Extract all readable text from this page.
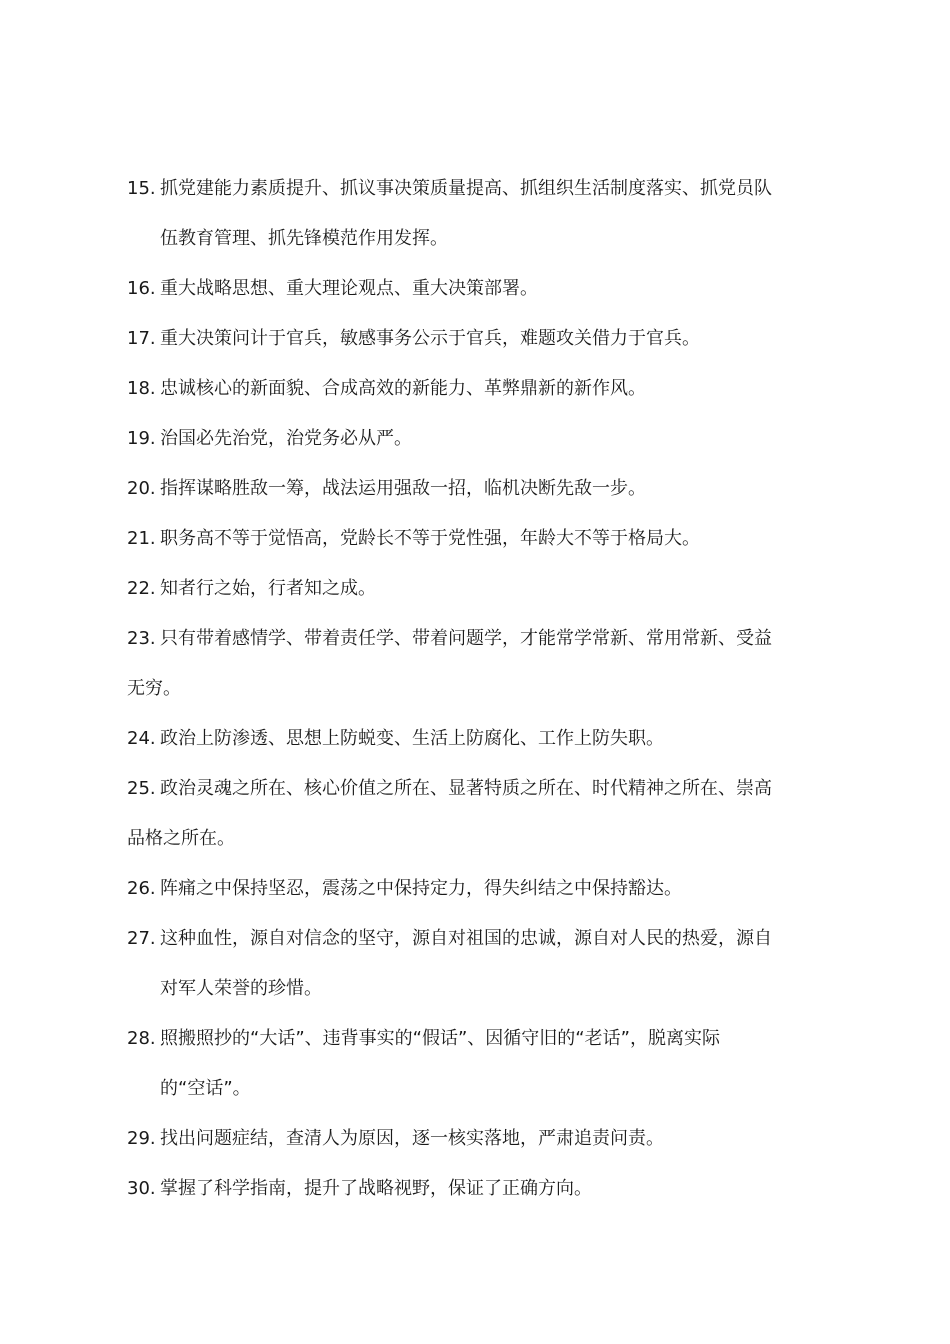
15. 抓党建能力素质提升、抓议事决策质量提高、抓组织生活制度落实、抓党员队
伍教育管理、抓先锋模范作用发挥。
16. 重大战略思想、重大理论观点、重大决策部署。
17. 重大决策问计于官兵，敏感事务公示于官兵，难题攻关借力于官兵。
18. 忠诚核心的新面貌、合成高效的新能力、革弊鼎新的新作风。
19. 治国必先治党，治党务必从严。
20. 指挥谋略胜敌一筹，战法运用强敌一招，临机决断先敌一步。
21. 职务高不等于觉悟高，党龄长不等于党性强，年龄大不等于格局大。
22. 知者行之始，行者知之成。
23. 只有带着感情学、带着责任学、带着问题学，才能常学常新、常用常新、受益
无穷。
24. 政治上防渗透、思想上防蜕变、生活上防腐化、工作上防失职。
25. 政治灵魂之所在、核心价值之所在、显著特质之所在、时代精神之所在、崇高
品格之所在。
26. 阵痛之中保持坚忍，震荡之中保持定力，得失纠结之中保持豁达。
27. 这种血性，源自对信念的坚守，源自对祖国的忠诚，源自对人民的热爱，源自
对军人荣誉的珍惜。
28. 照搬照抄的“大话”、违背事实的“假话”、因循守旧的“老话”，脱离实际
的“空话”。
29. 找出问题症结，查清人为原因，逐一核实落地，严肃追责问责。
30. 掌握了科学指南，提升了战略视野，保证了正确方向。
